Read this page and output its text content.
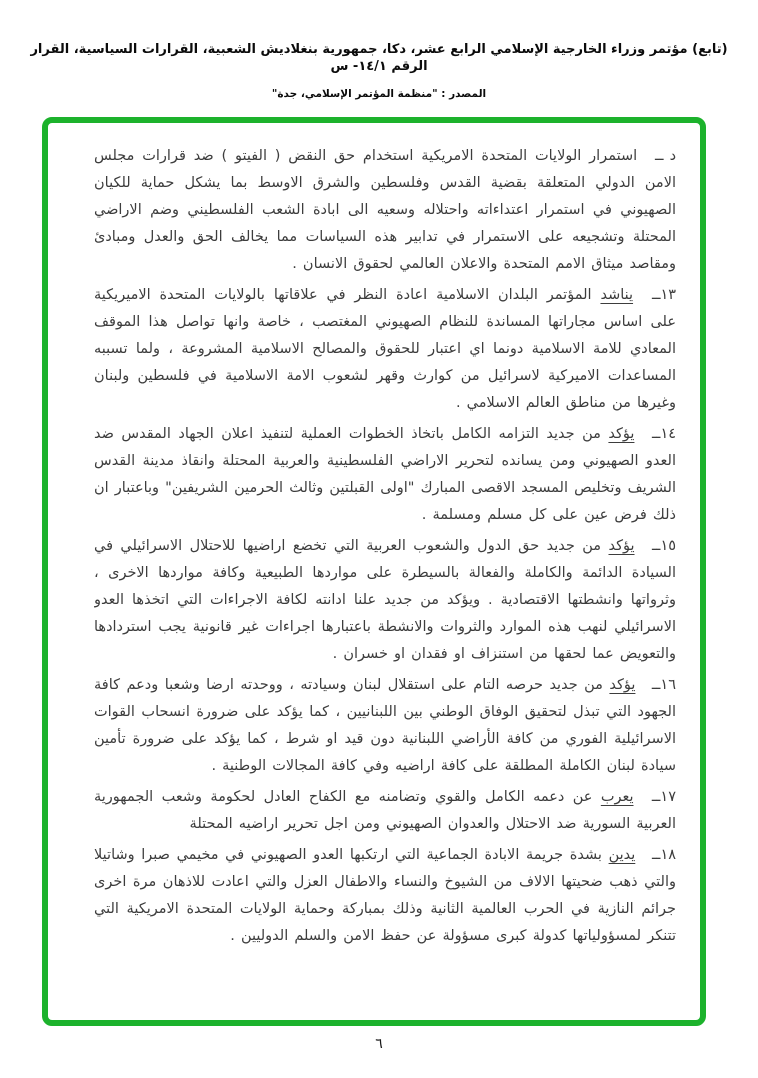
(تابع) مؤتمر وزراء الخارجية الإسلامي الرابع عشر، دكا، جمهورية بنغلاديش الشعبية، القرارات السياسية، القرار الرقم ١٤/١- س
المصدر : "منظمة المؤتمر الإسلامي، جدة"
د ــ استمرار الولايات المتحدة الامريكية استخدام حق النقض ( الفيتو ) ضد قرارات مجلس الامن الدولي المتعلقة بقضية القدس وفلسطين والشرق الاوسط بما يشكل حماية للكيان الصهيوني في استمرار اعتداءاته واحتلاله وسعيه الى ابادة الشعب الفلسطيني وضم الاراضي المحتلة وتشجيعه على الاستمرار في تدابير هذه السياسات مما يخالف الحق والعدل ومبادئ ومقاصد ميثاق الامم المتحدة والاعلان العالمي لحقوق الانسان .
١٣ــ يناشد المؤتمر البلدان الاسلامية اعادة النظر في علاقاتها بالولايات المتحدة الاميريكية على اساس مجاراتها المساندة للنظام الصهيوني المغتصب ، خاصة وانها تواصل هذا الموقف المعادي للامة الاسلامية دونما اي اعتبار للحقوق والمصالح الاسلامية المشروعة ، ولما تسببه المساعدات الاميركية لاسرائيل من كوارث وقهر لشعوب الامة الاسلامية في فلسطين ولبنان وغيرها من مناطق العالم الاسلامي .
١٤ــ يؤكد من جديد التزامه الكامل باتخاذ الخطوات العملية لتنفيذ اعلان الجهاد المقدس ضد العدو الصهيوني ومن يسانده لتحرير الاراضي الفلسطينية والعربية المحتلة وانقاذ مدينة القدس الشريف وتخليص المسجد الاقصى المبارك "اولى القبلتين وثالث الحرمين الشريفين" وباعتبار ان ذلك فرض عين على كل مسلم ومسلمة .
١٥ــ يؤكد من جديد حق الدول والشعوب العربية التي تخضع اراضيها للاحتلال الاسرائيلي في السيادة الدائمة والكاملة والفعالة بالسيطرة على مواردها الطبيعية وكافة مواردها الاخرى ، وثرواتها وانشطتها الاقتصادية . ويؤكد من جديد علنا ادانته لكافة الاجراءات التي اتخذها العدو الاسرائيلي لنهب هذه الموارد والثروات والانشطة باعتبارها اجراءات غير قانونية يجب استردادها والتعويض عما لحقها من استنزاف او فقدان او خسران .
١٦ــ يؤكد من جديد حرصه التام على استقلال لبنان وسيادته ، ووحدته ارضا وشعبا ودعم كافة الجهود التي تبذل لتحقيق الوفاق الوطني بين اللبنانيين ، كما يؤكد على ضرورة انسحاب القوات الاسرائيلية الفوري من كافة الأراضي اللبنانية دون قيد او شرط ، كما يؤكد على ضرورة تأمين سيادة لبنان الكاملة المطلقة على كافة اراضيه وفي كافة المجالات الوطنية .
١٧ــ يعرب عن دعمه الكامل والقوي وتضامنه مع الكفاح العادل لحكومة وشعب الجمهورية العربية السورية ضد الاحتلال والعدوان الصهيوني ومن اجل تحرير اراضيه المحتلة
١٨ــ يدين بشدة جريمة الابادة الجماعية التي ارتكبها العدو الصهيوني في مخيمي صبرا وشاتيلا والتي ذهب ضحيتها الالاف من الشيوخ والنساء والاطفال العزل والتي اعادت للاذهان مرة اخرى جرائم النازية في الحرب العالمية الثانية وذلك بمباركة وحماية الولايات المتحدة الامريكية التي تتنكر لمسؤولياتها كدولة كبرى مسؤولة عن حفظ الامن والسلم الدوليين .
٦
